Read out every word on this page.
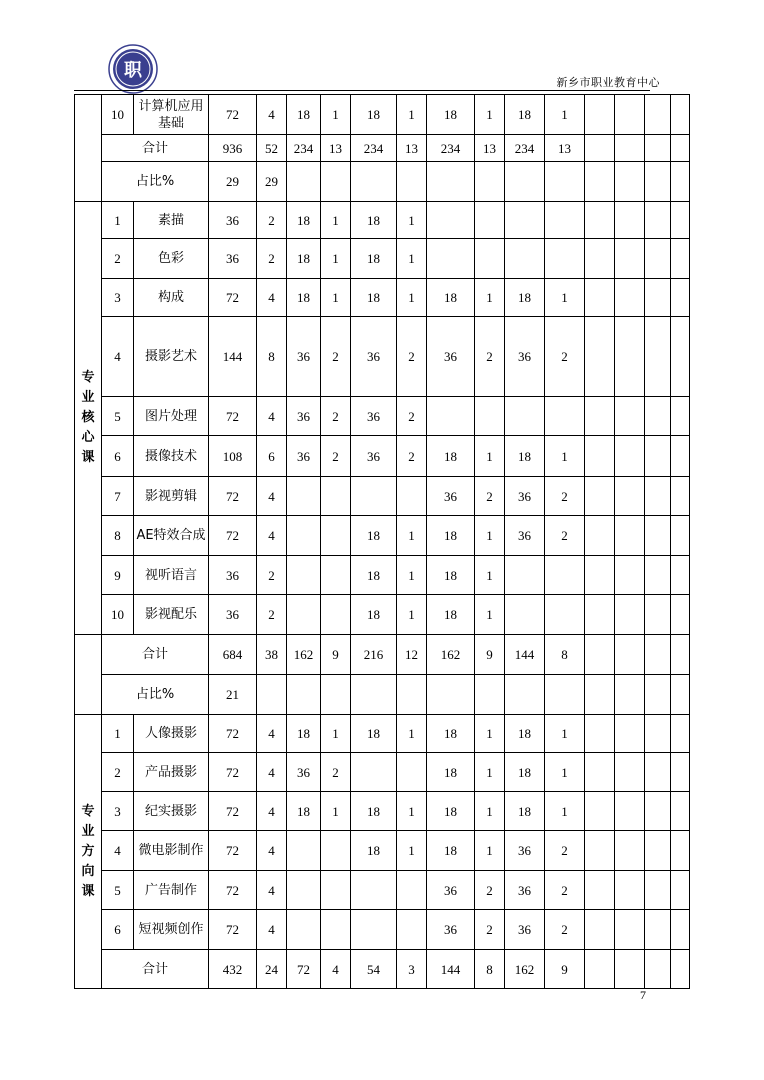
职
新乡市职业教育中心
	10	计算机应用基础	72	4	18	1	18	1	18	1	18	1				
	合计		936	52	234	13	234	13	234	13	234	13				
	占比%		29	29												
专业核心课	1	素描	36	2	18	1	18	1								
	2	色彩	36	2	18	1	18	1								
	3	构成	72	4	18	1	18	1	18	1	18	1				
	4	摄影艺术	144	8	36	2	36	2	36	2	36	2				
	5	图片处理	72	4	36	2	36	2								
	6	摄像技术	108	6	36	2	36	2	18	1	18	1				
	7	影视剪辑	72	4					36	2	36	2				
	8	AE特效合成	72	4			18	1	18	1	36	2				
	9	视听语言	36	2			18	1	18	1						
	10	影视配乐	36	2			18	1	18	1						
	合计		684	38	162	9	216	12	162	9	144	8				
	占比%		21													
专业方向课	1	人像摄影	72	4	18	1	18	1	18	1	18	1				
	2	产品摄影	72	4	36	2			18	1	18	1				
	3	纪实摄影	72	4	18	1	18	1	18	1	18	1				
	4	微电影制作	72	4			18	1	18	1	36	2				
	5	广告制作	72	4					36	2	36	2				
	6	短视频创作	72	4					36	2	36	2				
	合计		432	24	72	4	54	3	144	8	162	9				
7
